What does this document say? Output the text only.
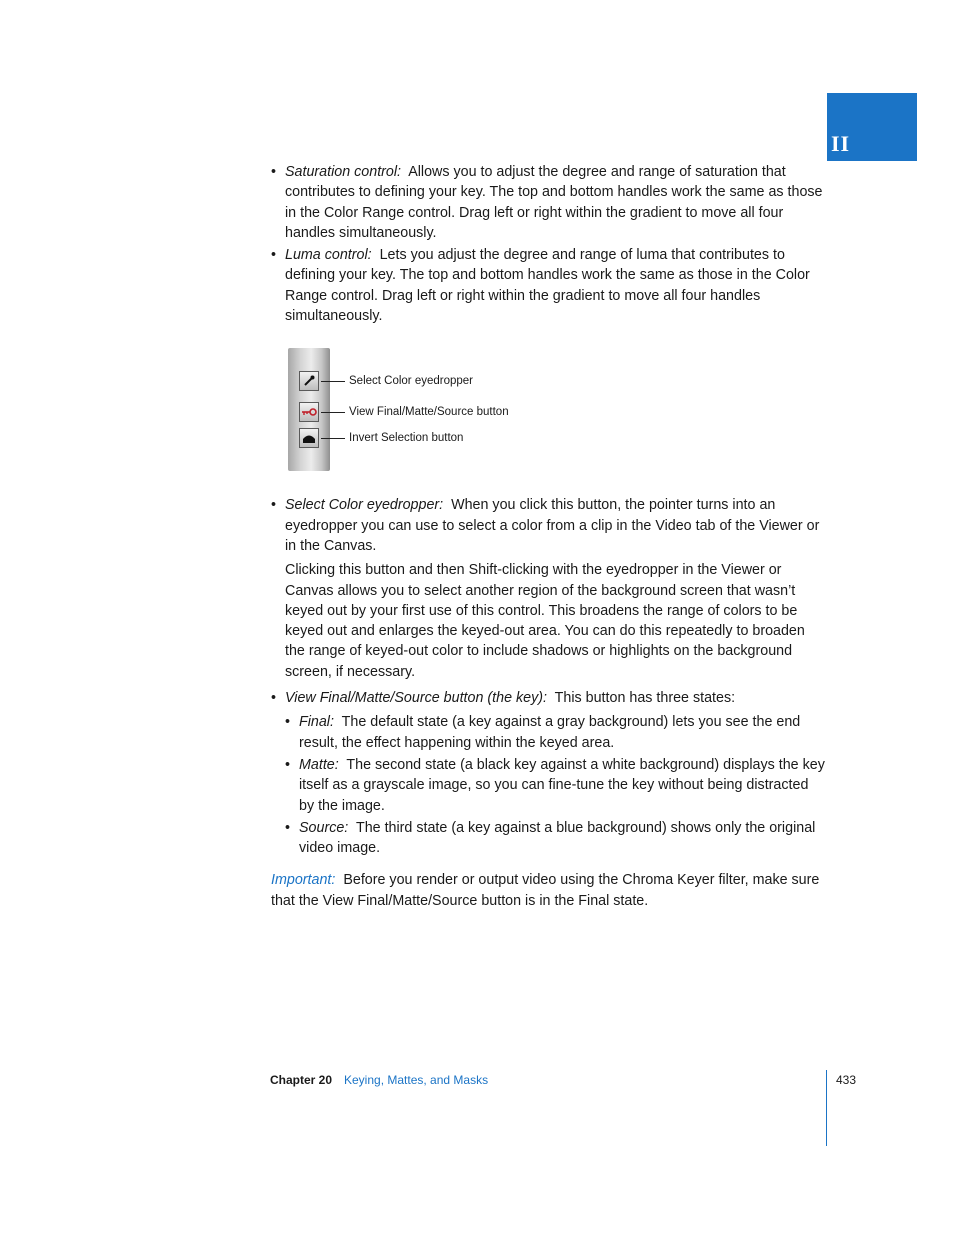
II
• Saturation control: Allows you to adjust the degree and range of saturation that contributes to defining your key. The top and bottom handles work the same as those in the Color Range control. Drag left or right within the gradient to move all four handles simultaneously.
• Luma control: Lets you adjust the degree and range of luma that contributes to defining your key. The top and bottom handles work the same as those in the Color Range control. Drag left or right within the gradient to move all four handles simultaneously.
Select Color eyedropper
View Final/Matte/Source button
Invert Selection button
• Select Color eyedropper: When you click this button, the pointer turns into an eyedropper you can use to select a color from a clip in the Video tab of the Viewer or in the Canvas.

Clicking this button and then Shift-clicking with the eyedropper in the Viewer or Canvas allows you to select another region of the background screen that wasn’t keyed out by your first use of this control. This broadens the range of colors to be keyed out and enlarges the keyed-out area. You can do this repeatedly to broaden the range of keyed-out color to include shadows or highlights on the background screen, if necessary.

• View Final/Matte/Source button (the key): This button has three states:
• Final: The default state (a key against a gray background) lets you see the end result, the effect happening within the keyed area.
• Matte: The second state (a black key against a white background) displays the key itself as a grayscale image, so you can fine-tune the key without being distracted by the image.
• Source: The third state (a key against a blue background) shows only the original video image.
Important: Before you render or output video using the Chroma Keyer filter, make sure that the View Final/Matte/Source button is in the Final state.
Chapter 20 Keying, Mattes, and Masks	433
